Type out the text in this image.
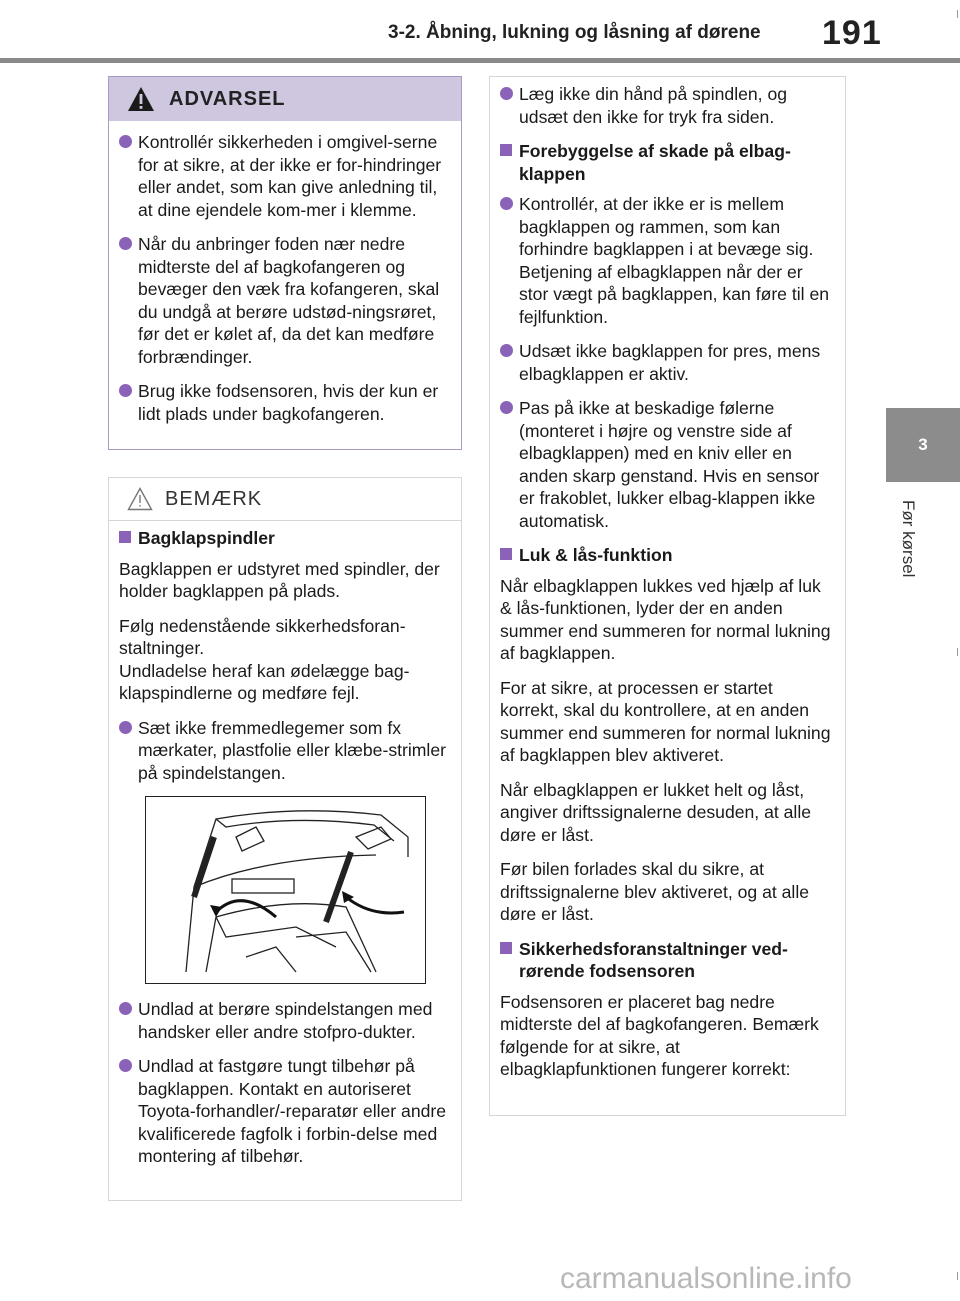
3-2. Åbning, lukning og låsning af dørene 191
3
Før kørsel
ADVARSEL
Kontrollér sikkerheden i omgivel-serne for at sikre, at der ikke er for-hindringer eller andet, som kan give anledning til, at dine ejendele kom-mer i klemme.
Når du anbringer foden nær nedre midterste del af bagkofangeren og bevæger den væk fra kofangeren, skal du undgå at berøre udstød-ningsrøret, før det er kølet af, da det kan medføre forbrændinger.
Brug ikke fodsensoren, hvis der kun er lidt plads under bagkofangeren.
BEMÆRK
Bagklapspindler
Bagklappen er udstyret med spindler, der holder bagklappen på plads.
Følg nedenstående sikkerhedsforan-staltninger.
Undladelse heraf kan ødelægge bag-klapspindlerne og medføre fejl.
Sæt ikke fremmedlegemer som fx mærkater, plastfolie eller klæbe-strimler på spindelstangen.
Undlad at berøre spindelstangen med handsker eller andre stofpro-dukter.
Undlad at fastgøre tungt tilbehør på bagklappen. Kontakt en autoriseret Toyota-forhandler/-reparatør eller andre kvalificerede fagfolk i forbin-delse med montering af tilbehør.
Læg ikke din hånd på spindlen, og udsæt den ikke for tryk fra siden.
Forebyggelse af skade på elbag-klappen
Kontrollér, at der ikke er is mellem bagklappen og rammen, som kan forhindre bagklappen i at bevæge sig. Betjening af elbagklappen når der er stor vægt på bagklappen, kan føre til en fejlfunktion.
Udsæt ikke bagklappen for pres, mens elbagklappen er aktiv.
Pas på ikke at beskadige følerne (monteret i højre og venstre side af elbagklappen) med en kniv eller en anden skarp genstand. Hvis en sensor er frakoblet, lukker elbag-klappen ikke automatisk.
Luk & lås-funktion
Når elbagklappen lukkes ved hjælp af luk & lås-funktionen, lyder der en anden summer end summeren for normal lukning af bagklappen.
For at sikre, at processen er startet korrekt, skal du kontrollere, at en anden summer end summeren for normal lukning af bagklappen blev aktiveret.
Når elbagklappen er lukket helt og låst, angiver driftssignalerne desuden, at alle døre er låst.
Før bilen forlades skal du sikre, at driftssignalerne blev aktiveret, og at alle døre er låst.
Sikkerhedsforanstaltninger ved-rørende fodsensoren
Fodsensoren er placeret bag nedre midterste del af bagkofangeren. Bemærk følgende for at sikre, at elbagklapfunktionen fungerer korrekt:
carmanualsonline.info
